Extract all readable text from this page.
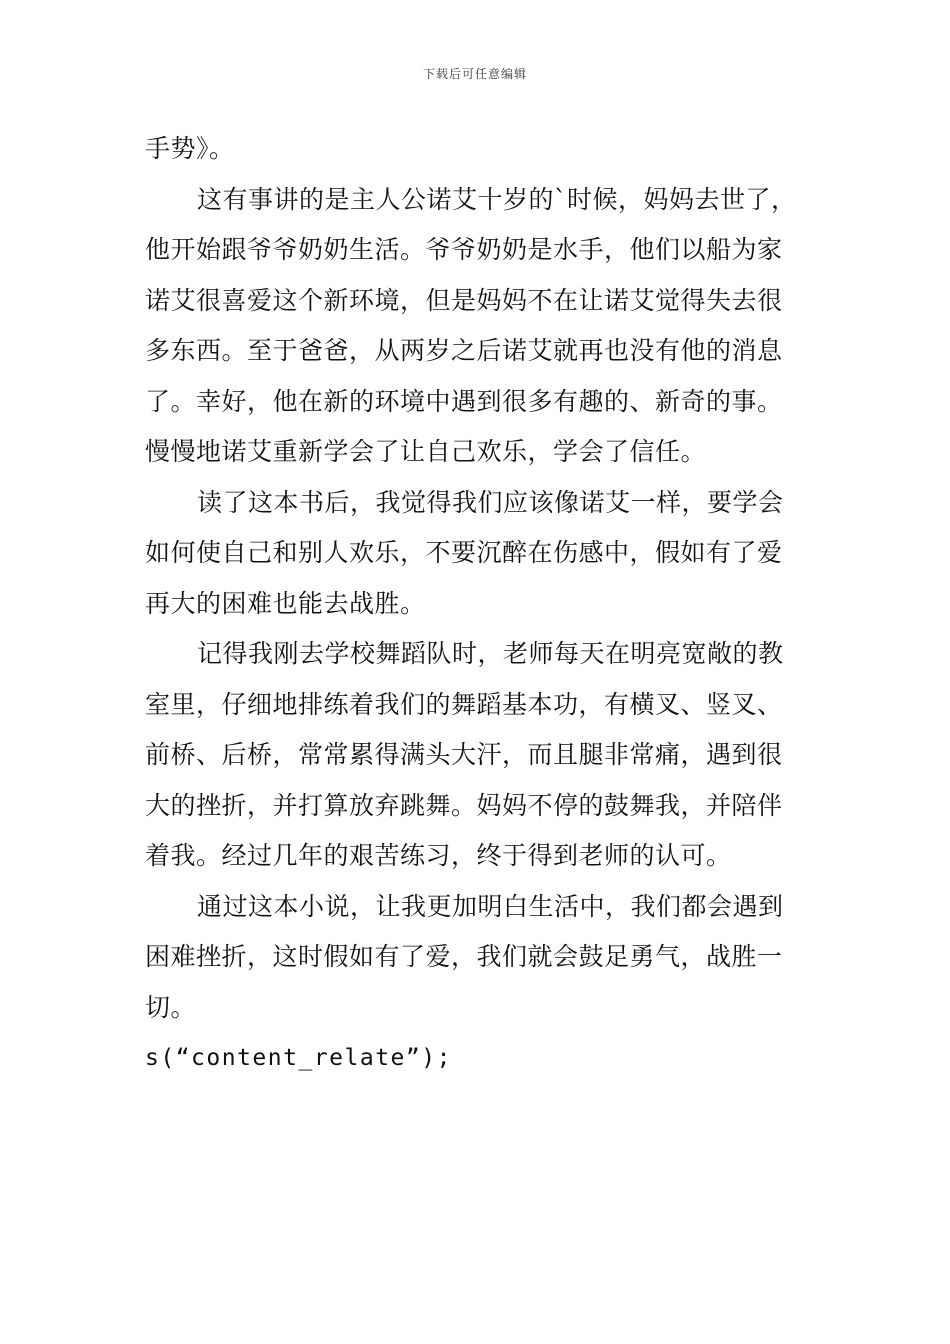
下载后可任意编辑
手势》。
这有事讲的是主人公诺艾十岁的`时候，妈妈去世了，
他开始跟爷爷奶奶生活。爷爷奶奶是水手，他们以船为家
诺艾很喜爱这个新环境，但是妈妈不在让诺艾觉得失去很
多东西。至于爸爸，从两岁之后诺艾就再也没有他的消息
了。幸好，他在新的环境中遇到很多有趣的、新奇的事。
慢慢地诺艾重新学会了让自己欢乐，学会了信任。
读了这本书后，我觉得我们应该像诺艾一样，要学会
如何使自己和别人欢乐，不要沉醉在伤感中，假如有了爱
再大的困难也能去战胜。
记得我刚去学校舞蹈队时，老师每天在明亮宽敞的教
室里，仔细地排练着我们的舞蹈基本功，有横叉、竖叉、
前桥、后桥，常常累得满头大汗，而且腿非常痛，遇到很
大的挫折，并打算放弃跳舞。妈妈不停的鼓舞我，并陪伴
着我。经过几年的艰苦练习，终于得到老师的认可。
通过这本小说，让我更加明白生活中，我们都会遇到
困难挫折，这时假如有了爱，我们就会鼓足勇气，战胜一
切。
s(“content_relate”);
